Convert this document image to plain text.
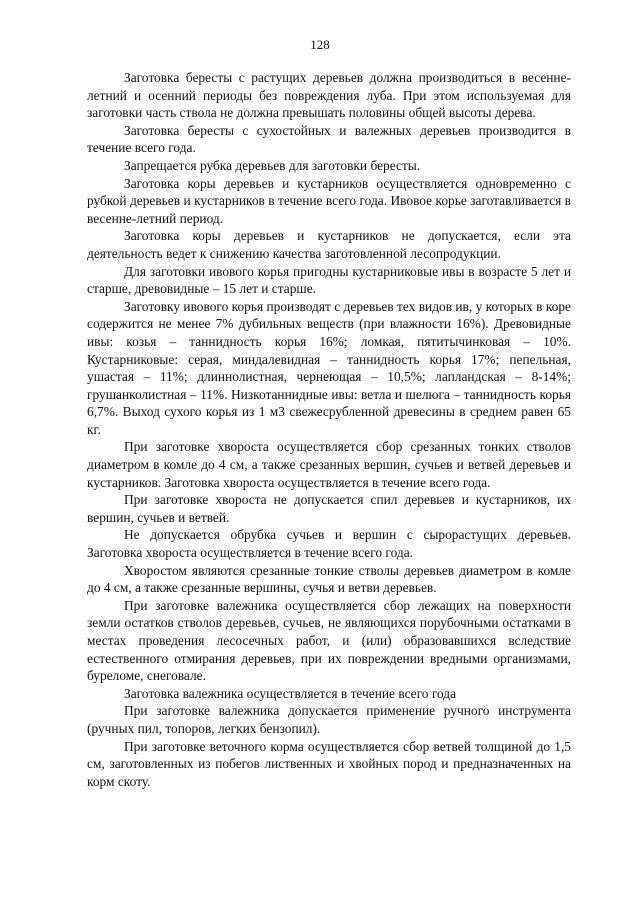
128

Заготовка бересты с растущих деревьев должна производиться в весенне-летний и осенний периоды без повреждения луба. При этом используемая для заготовки часть ствола не должна превышать половины общей высоты дерева.

Заготовка бересты с сухостойных и валежных деревьев производится в течение всего года.

Запрещается рубка деревьев для заготовки бересты.

Заготовка коры деревьев и кустарников осуществляется одновременно с рубкой деревьев и кустарников в течение всего года. Ивовое корье заготавливается в весенне-летний период.

Заготовка коры деревьев и кустарников не допускается, если эта деятельность ведет к снижению качества заготовленной лесопродукции.

Для заготовки ивового корья пригодны кустарниковые ивы в возрасте 5 лет и старше, древовидные – 15 лет и старше.

Заготовку ивового корья производят с деревьев тех видов ив, у которых в коре содержится не менее 7% дубильных веществ (при влажности 16%). Древовидные ивы: козья – таннидность корья 16%; ломкая, пятитычинковая – 10%. Кустарниковые: серая, миндалевидная – таннидность корья 17%; пепельная, ушастая – 11%; длиннолистная, чернеющая – 10,5%; лапландская – 8-14%; грушанколистная – 11%. Низкотаннидные ивы: ветла и шелюга – таннидность корья 6,7%. Выход сухого корья из 1 м3 свежесрубленной древесины в среднем равен 65 кг.

При заготовке хвороста осуществляется сбор срезанных тонких стволов диаметром в комле до 4 см, а также срезанных вершин, сучьев и ветвей деревьев и кустарников. Заготовка хвороста осуществляется в течение всего года.

При заготовке хвороста не допускается спил деревьев и кустарников, их вершин, сучьев и ветвей.

Не допускается обрубка сучьев и вершин с сырорастущих деревьев. Заготовка хвороста осуществляется в течение всего года.

Хворостом являются срезанные тонкие стволы деревьев диаметром в комле до 4 см, а также срезанные вершины, сучья и ветви деревьев.

При заготовке валежника осуществляется сбор лежащих на поверхности земли остатков стволов деревьев, сучьев, не являющихся порубочными остатками в местах проведения лесосечных работ, и (или) образовавшихся вследствие естественного отмирания деревьев, при их повреждении вредными организмами, буреломе, снеговале.

Заготовка валежника осуществляется в течение всего года

При заготовке валежника допускается применение ручного инструмента (ручных пил, топоров, легких бензопил).

При заготовке веточного корма осуществляется сбор ветвей толщиной до 1,5 см, заготовленных из побегов лиственных и хвойных пород и предназначенных на корм скоту.
